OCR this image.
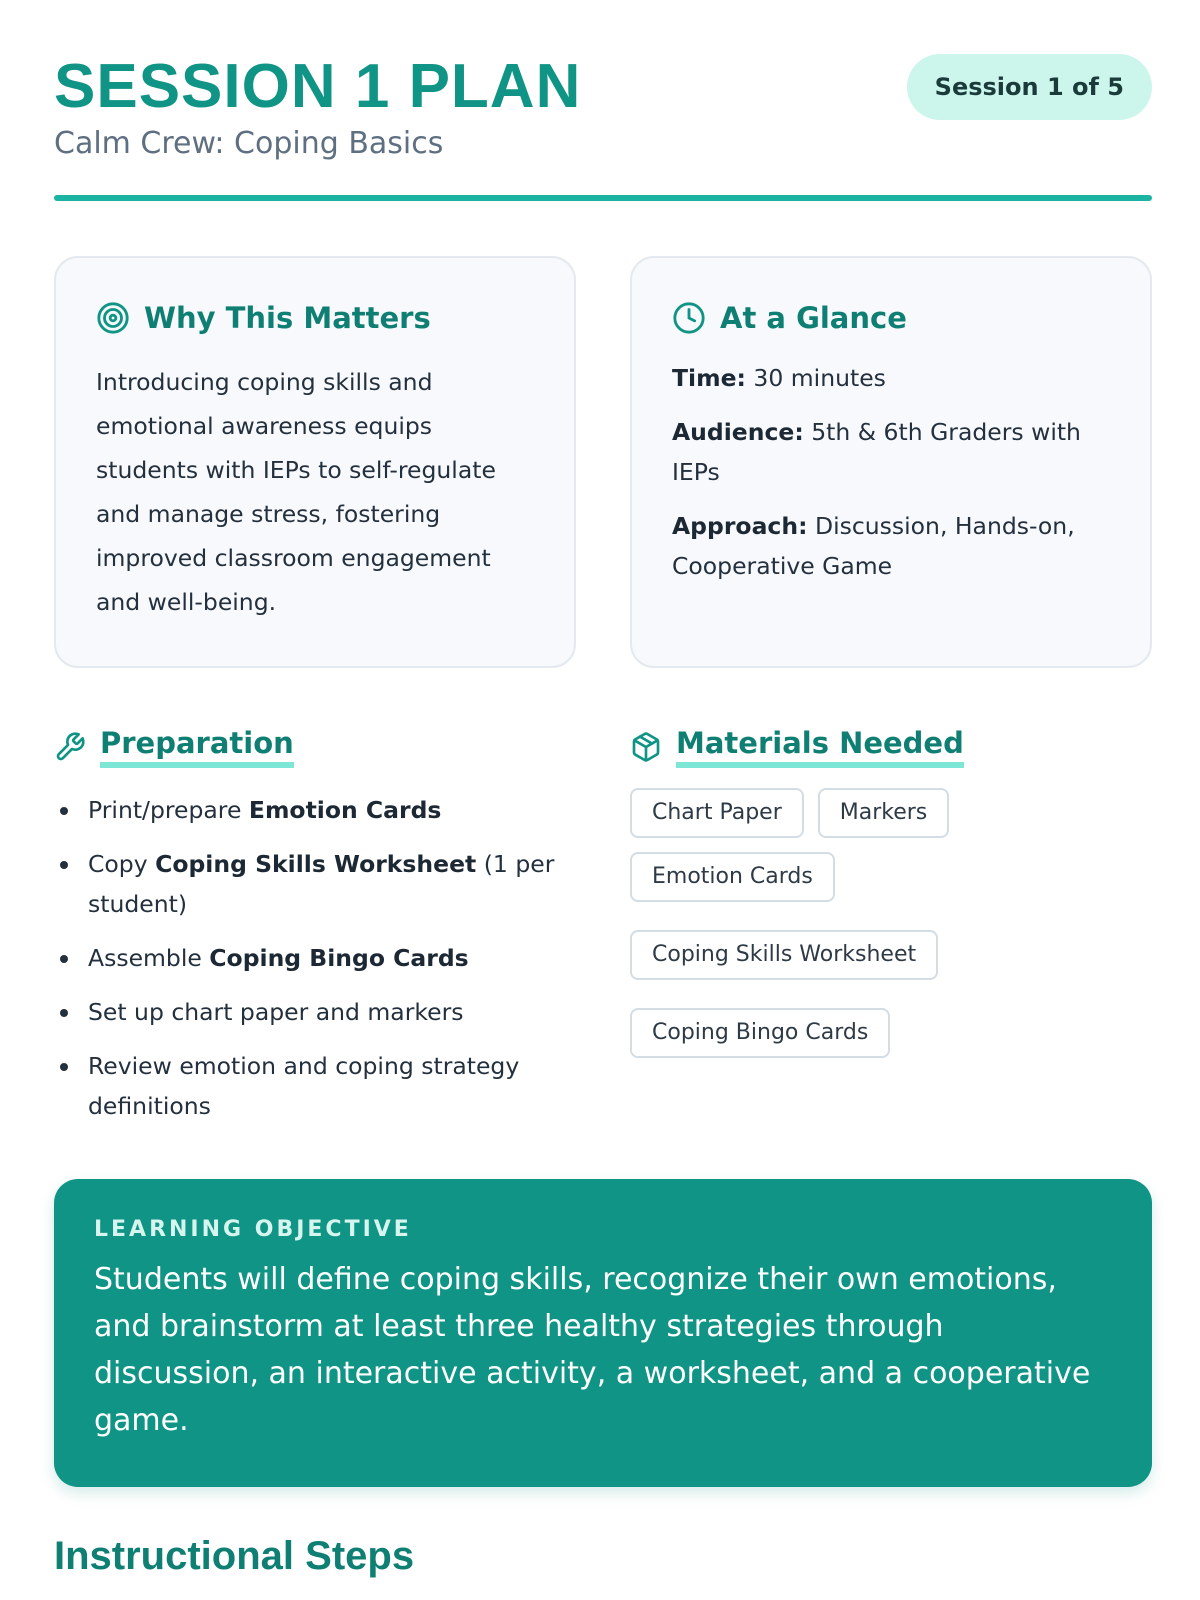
SESSION 1 PLAN
Calm Crew: Coping Basics
Session 1 of 5
Why This Matters

Introducing coping skills and emotional awareness equips students with IEPs to self-regulate and manage stress, fostering improved classroom engagement and well-being.

At a Glance

Time: 30 minutes

Audience: 5th & 6th Graders with IEPs

Approach: Discussion, Hands-on, Cooperative Game

Preparation
Print/prepare Emotion Cards
Copy Coping Skills Worksheet (1 per student)
Assemble Coping Bingo Cards
Set up chart paper and markers
Review emotion and coping strategy definitions
Materials Needed
Chart Paper	Markers
Emotion Cards
Coping Skills Worksheet
Coping Bingo Cards
LEARNING OBJECTIVE

Students will define coping skills, recognize their own emotions, and brainstorm at least three healthy strategies through discussion, an interactive activity, a worksheet, and a cooperative game.

Instructional Steps
